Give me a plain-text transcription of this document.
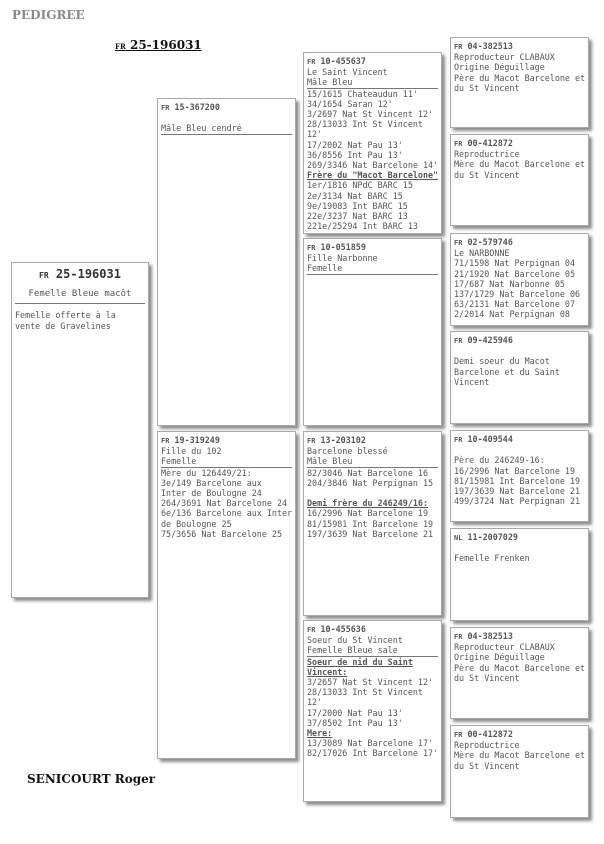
PEDIGREE
FR 25-196031
SENICOURT Roger
FR 25-196031
Femelle Bleue macôt
Femelle offerte à la vente de Gravelines
FR 15-367200
Mâle Bleu cendré
FR 19-319249
Fille du 102
Femelle
Mère du 126449/21:
3e/149 Barcelone aux
Inter de Boulogne 24
264/3691 Nat Barcelone 24
6e/136 Barcelone aux Inter
de Boulogne 25
75/3656 Nat Barcelone 25
FR 10-455637
Le Saint Vincent
Mâle Bleu
15/1615 Chateaudun 11'
34/1654 Saran 12'
3/2697 Nat St Vincent 12'
28/13033 Int St Vincent
12'
17/2002 Nat Pau 13'
36/8556 Int Pau 13'
269/3346 Nat Barcelone 14'
Frère du "Macot Barcelone"
1er/1816 NPdC BARC 15
2e/3134 Nat BARC 15
9e/19083 Int BARC 15
22e/3237 Nat BARC 13
221e/25294 Int BARC 13
FR 10-051859
Fille Narbonne
Femelle
FR 13-203102
Barcelone blessé
Mâle Bleu
82/3046 Nat Barcelone 16
204/3846 Nat Perpignan 15
Demi frère du 246249/16:
16/2996 Nat Barcelone 19
81/15981 Int Barcelone 19
197/3639 Nat Barcelone 21
FR 10-455636
Soeur du St Vincent
Femelle Bleue sale
Soeur de nid du Saint
Vincent:
3/2657 Nat St Vincent 12'
28/13033 Int St Vincent
12'
17/2000 Nat Pau 13'
37/8502 Int Pau 13'
Mere:
13/3089 Nat Barcelone 17'
82/17026 Int Barcelone 17'
FR 04-382513
Reproducteur CLABAUX
Origine Déguillage
Père du Macot Barcelone et
du St Vincent
FR 00-412872
Reproductrice
Mère du Macot Barcelone et
du St Vincent
FR 02-579746
Le NARBONNE
71/1598 Nat Perpignan 04
21/1920 Nat Barcelone 05
17/687 Nat Narbonne 05
137/1729 Nat Barcelone 06
63/2131 Nat Barcelone 07
2/2014 Nat Perpignan 08
FR 09-425946
Demi soeur du Macot
Barcelone et du Saint
Vincent
FR 10-409544
Père du 246249-16:
16/2996 Nat Barcelone 19
81/15981 Int Barcelone 19
197/3639 Nat Barcelone 21
499/3724 Nat Perpignan 21
NL 11-2007029
Femelle Frenken
FR 04-382513
Reproducteur CLABAUX
Origine Déguillage
Père du Macot Barcelone et
du St Vincent
FR 00-412872
Reproductrice
Mère du Macot Barcelone et
du St Vincent
